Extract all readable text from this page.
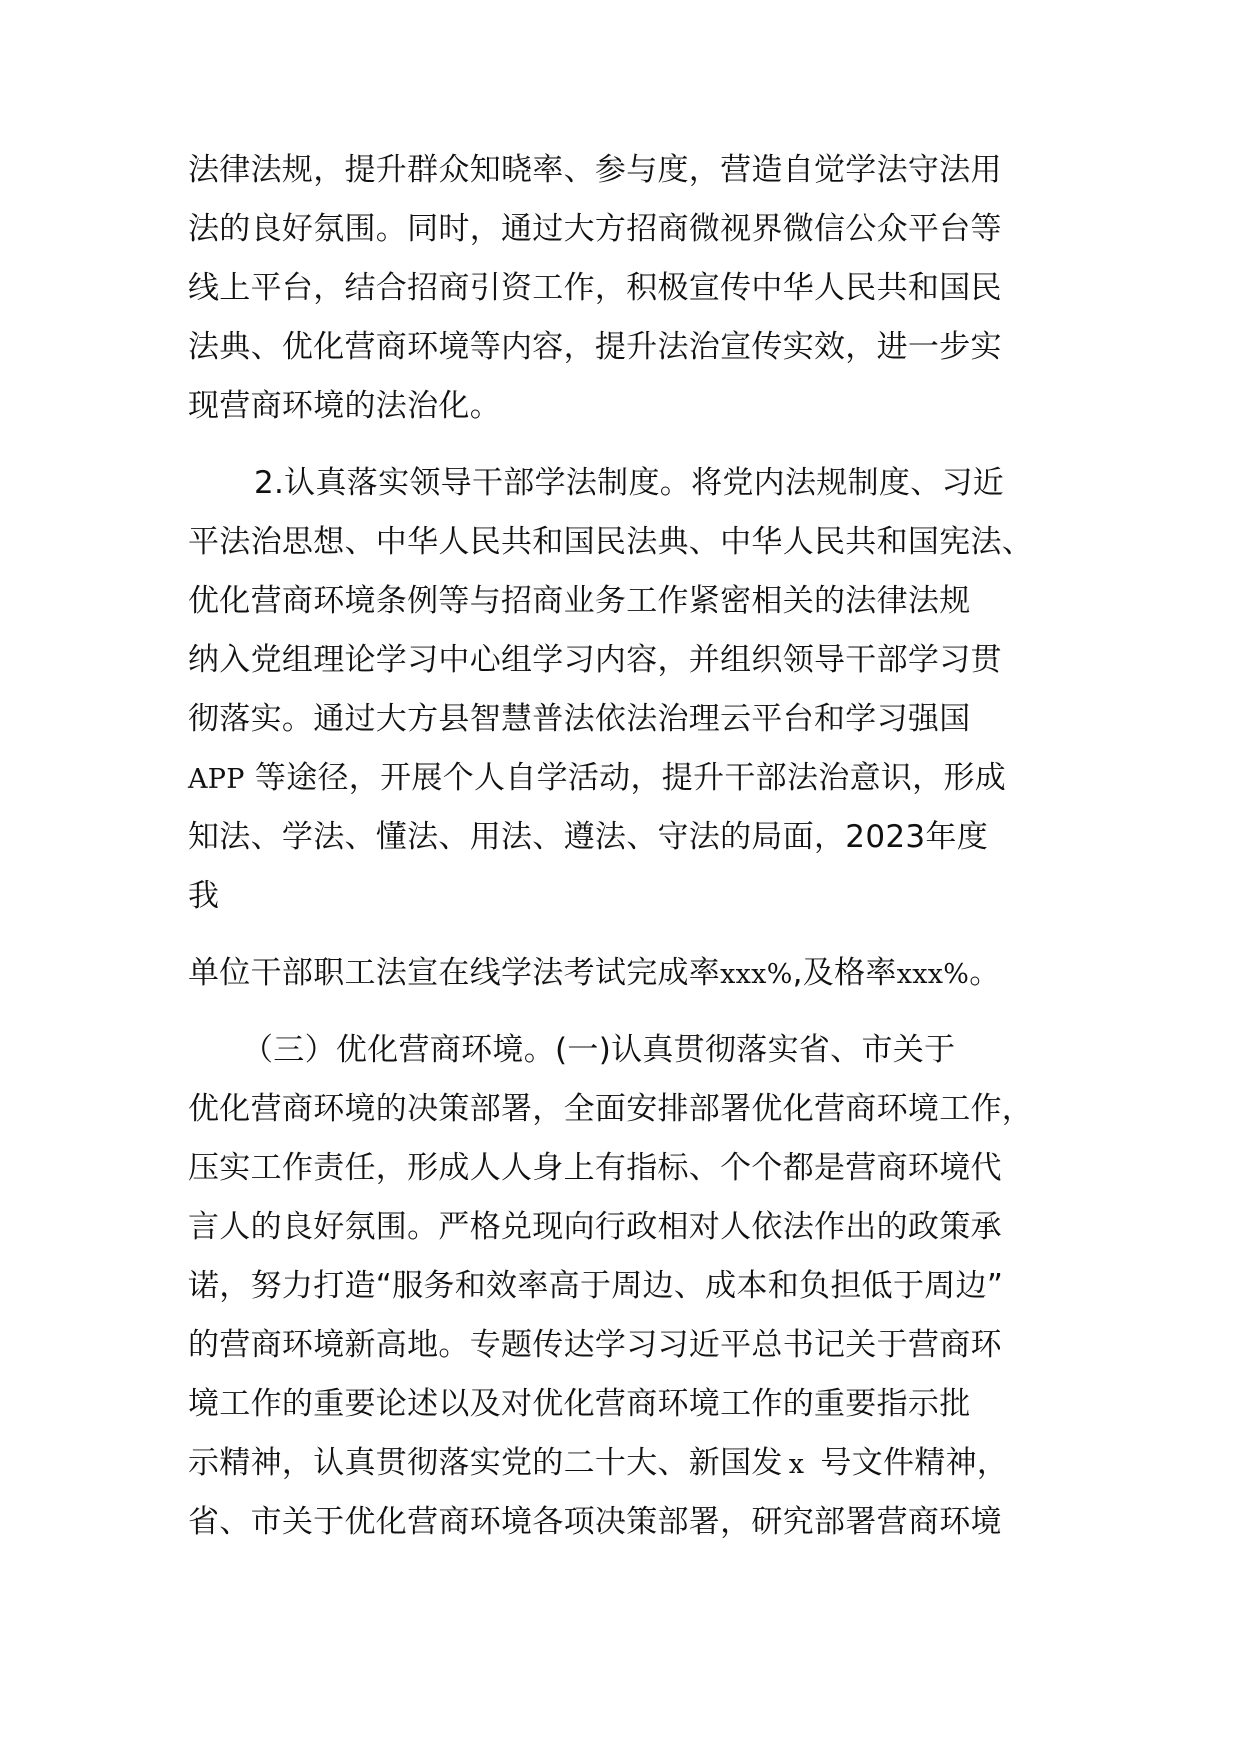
法律法规，提升群众知晓率、参与度，营造自觉学法守法用
法的良好氛围。同时，通过大方招商微视界微信公众平台等
线上平台，结合招商引资工作，积极宣传中华人民共和国民
法典、优化营商环境等内容，提升法治宣传实效，进一步实
现营商环境的法治化。
2.认真落实领导干部学法制度。将党内法规制度、习近
平法治思想、中华人民共和国民法典、中华人民共和国宪法、
优化营商环境条例等与招商业务工作紧密相关的法律法规
纳入党组理论学习中心组学习内容，并组织领导干部学习贯
彻落实。通过大方县智慧普法依法治理云平台和学习强国
APP 等途径，开展个人自学活动，提升干部法治意识，形成
知法、学法、懂法、用法、遵法、守法的局面，2023年度
我
单位干部职工法宣在线学法考试完成率xxx%,及格率xxx%。
（三）优化营商环境。(一)认真贯彻落实省、市关于
优化营商环境的决策部署，全面安排部署优化营商环境工作，
压实工作责任，形成人人身上有指标、个个都是营商环境代
言人的良好氛围。严格兑现向行政相对人依法作出的政策承
诺，努力打造“服务和效率高于周边、成本和负担低于周边”
的营商环境新高地。专题传达学习习近平总书记关于营商环
境工作的重要论述以及对优化营商环境工作的重要指示批
示精神，认真贯彻落实党的二十大、新国发 x 号文件精神，
省、市关于优化营商环境各项决策部署，研究部署营商环境
